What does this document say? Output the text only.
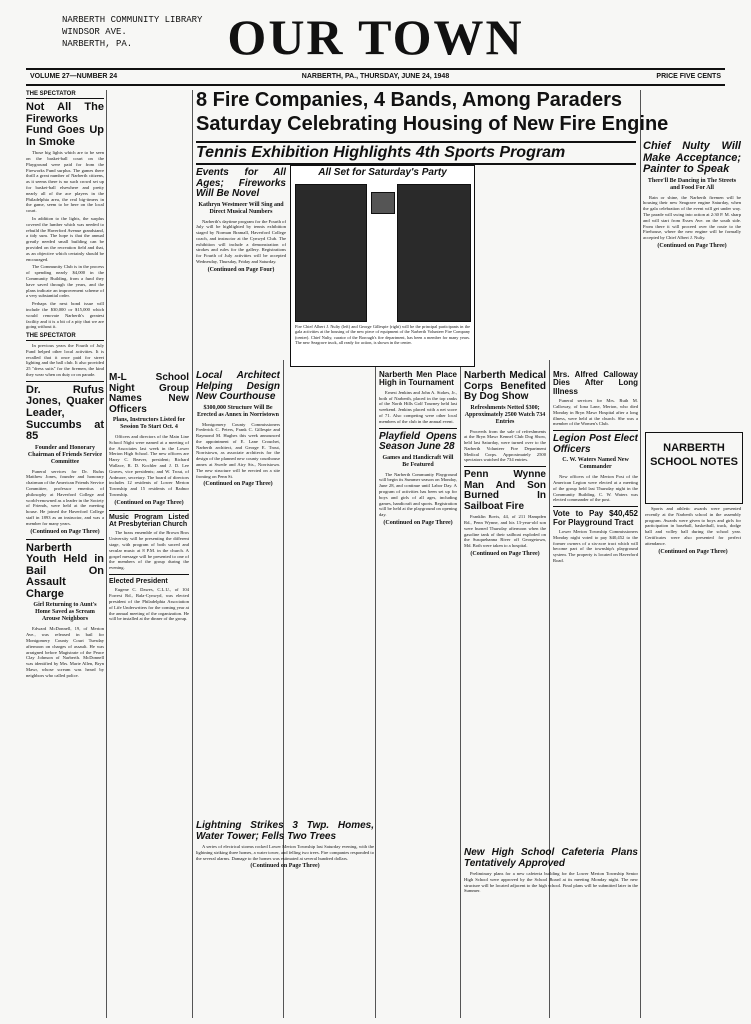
NARBERTH COMMUNITY LIBRARY
WINDSOR AVE.
NARBERTH, PA.	OUR TOWN
VOLUME 27—NUMBER 24	NARBERTH, PA., THURSDAY, JUNE 24, 1948	PRICE FIVE CENTS
8 Fire Companies, 4 Bands, Among Paraders
Saturday Celebrating Housing of New Fire Engine
Tennis Exhibition Highlights 4th Sports Program
THE SPECTATOR
Not All The Fireworks Fund Goes Up In Smoke

Those big lights which are to be seen on the basket-ball court on the Playground were paid for from the Fireworks Fund surplus. The games there thrill a great number of Narberth citizens, as it seems there is no such crowd set up for basket-ball elsewhere and pretty nearly all of the ace players in the Philadelphia area, the real big-timers in the game, seem to be here on the local court.

In addition to the lights, the surplus covered the lumber which was needed to rebuild the Haverford Avenue grandstand, a tidy sum. The hope is that the annual greatly needed small building can be provided on the recreation field and that, as an objective which certainly should be encouraged.

The Community Club is in the process of spending nearly $4,000 in the Community Building, from a fund they have saved through the years, and the plans indicate an improvement scheme of a very substantial order.

Perhaps the next bond issue will include the $30,000 or $15,000 which would renovate Narberth's greatest facility and it is a bit of a pity that we are going without it.

THE SPECTATOR

In previous years the Fourth of July Fund helped other local activities. It is recalled that it once paid for street lighting and the ball club. It also provided 25 "dress suits" for the firemen, the kind they wear when on duty or on parade.

Dr. Rufus Jones, Quaker Leader, Succumbs at 85
Founder and Honorary Chairman of Friends Service Committee

Funeral services for Dr. Rufus Matthew Jones, founder and honorary chairman of the American Friends Service Committee, professor emeritus of philosophy at Haverford College and world-renowned as a leader in the Society of Friends, were held at the meeting house. He joined the Haverford College staff in 1893 as an instructor, and was a member for many years.

(Continued on Page Three)
Narberth Youth Held in Bail On Assault Charge
Girl Returning to Aunt's Home Saved as Scream Arouse Neighbors

Edward McDonnell, 19, of Merion Ave., was released in bail for Montgomery County Court Tuesday afternoon on charges of assault. He was arraigned before Magistrate of the Peace Clay Johnson of Narberth. McDonnell was identified by Mrs. Marie Allen, Bryn Mawr, whose scream was heard by neighbors who called police.

M-L School Night Group Names New Officers
Plans, Instructors Listed for Session To Start Oct. 4

Officers and directors of the Main Line School Night were named at a meeting of the Associates last week in the Lower Merion High School. The new officers are Harry C. Beaver, president; Richard Wallace, R. D. Kochler and J. D. Lee Graves, vice presidents; and W. Trout, of Ardmore, secretary. The board of directors includes 12 residents of Lower Merion Township and 15 residents of Radnor Township.

(Continued on Page Three)
Music Program Listed At Presbyterian Church

The brass ensemble of the Brown Bros University will be presenting the different stage, with program of both sacred and secular music at 8 P.M. in the church. A gospel message will be presented to one of the members of the group during the evening.

Elected President

Eugene C. Dawes, C.L.U., of 104 Forrest Rd., Bala-Cynwyd, was elected president of the Philadelphia Association of Life Underwriters for the coming year at the annual meeting of the organization. He will be installed at the dinner of the group.

Events for All Ages; Fireworks Will Be Novel
Kathryn Westmeer Will Sing and Direct Musical Numbers

Narberth's daytime program for the Fourth of July will be highlighted by tennis exhibition staged by Norman Bramall, Haverford College coach, and instructor at the Cynwyd Club. The exhibition will include a demonstration of strokes and rules for the gallery. Registrations for Fourth of July activities will be accepted Wednesday, Thursday, Friday and Saturday.

(Continued on Page Four)
All Set for Saturday's Party
Fire Chief Albert J. Nulty (left) and George Gillespie (right) will be the principal participants in the gala activities at the housing of the new piece of equipment of the Narberth Volunteer Fire Company (center). Chief Nulty, curator of the Borough's fire department, has been a member for many years. The new Seagrave truck, all ready for action, is shown in the center.
Local Architect Helping Design New Courthouse
$300,000 Structure Will Be Erected as Annex in Norristown

Montgomery County Commissioners Frederick C. Peters, Frank C. Gillespie and Raymond M. Hughes this week announced the appointment of E. Lane Crouchet, Narberth architect, and George E. Trout, Norristown, as associate architects for the design of the planned new county courthouse annex at Swede and Airy Sts., Norristown. The new structure will be erected on a site fronting on Penn St.

(Continued on Page Three)
Lightning Strikes 3 Twp. Homes, Water Tower; Fells Two Trees

A series of electrical storms rocked Lower Merion Township last Saturday evening, with the lightning striking three homes, a water tower, and felling two trees. Fire companies responded to the several alarms. Damage to the homes was estimated at several hundred dollars.

(Continued on Page Three)
Narberth Men Place High in Tournament

Ernest Jenkins and John A. Stokes, Jr., both of Narberth, placed in the top ranks of the North Hills Golf Tourney held last weekend. Jenkins placed with a net score of 71. Also competing were other local members of the club in the annual event.

Playfield Opens Season June 28
Games and Handicraft Will Be Featured

The Narberth Community Playground will begin its Summer season on Monday, June 28, and continue until Labor Day. A program of activities has been set up for boys and girls of all ages, including games, handicraft and sports. Registration will be held at the playground on opening day.

(Continued on Page Three)
Narberth Medical Corps Benefited By Dog Show
Refreshments Netted $300; Approximately 2500 Watch 734 Entries

Proceeds from the sale of refreshments at the Bryn Mawr Kennel Club Dog Show, held last Saturday, were turned over to the Narberth Volunteer Fire Department Medical Corps. Approximately 2500 spectators watched the 734 entries.

Penn Wynne Man And Son Burned In Sailboat Fire

Franklin Bovis, 44, of 211 Hampden Rd., Penn Wynne, and his 13-year-old son were burned Thursday afternoon when the gasoline tank of their sailboat exploded on the Susquehanna River off Georgetown, Md. Both were taken to a hospital.

(Continued on Page Three)
New High School Cafeteria Plans Tentatively Approved

Preliminary plans for a new cafeteria building for the Lower Merion Township Senior High School were approved by the School Board at its meeting Monday night. The new structure will be located adjacent to the high school. Final plans will be submitted later in the Summer.

Mrs. Alfred Calloway Dies After Long Illness

Funeral services for Mrs. Ruth M. Calloway, of Iona Lane, Merion, who died Monday in Bryn Mawr Hospital after a long illness, were held at the church. She was a member of the Women's Club.

Legion Post Elect Officers
C. W. Waters Named New Commander

New officers of the Merion Post of the American Legion were elected at a meeting of the group held last Thursday night in the Community Building. C. W. Waters was elected commander of the post.

Vote to Pay $40,452 For Playground Tract

Lower Merion Township Commissioners Monday night voted to pay $40,452 to the former owners of a six-acre tract which will become part of the township's playground system. The property is located on Haverford Road.

Chief Nulty Will Make Acceptance; Painter to Speak
There'll Be Dancing in The Streets and Food For All

Rain or shine, the Narberth firemen will be housing their new Seagrave engine Saturday, when the gala celebration of the event will get under way. The parade will swing into action at 2:30 P. M. sharp and will start from Essex Ave. on the south side. From there it will proceed over the route to the Firehouse, where the new engine will be formally accepted by Chief Albert J. Nulty.

(Continued on Page Three)
NARBERTH SCHOOL NOTES

Sports and athletic awards were presented recently at the Narberth school in the assembly program. Awards were given to boys and girls for participation in baseball, basketball, track, dodge ball and volley ball during the school year. Certificates were also presented for perfect attendance.

(Continued on Page Three)
